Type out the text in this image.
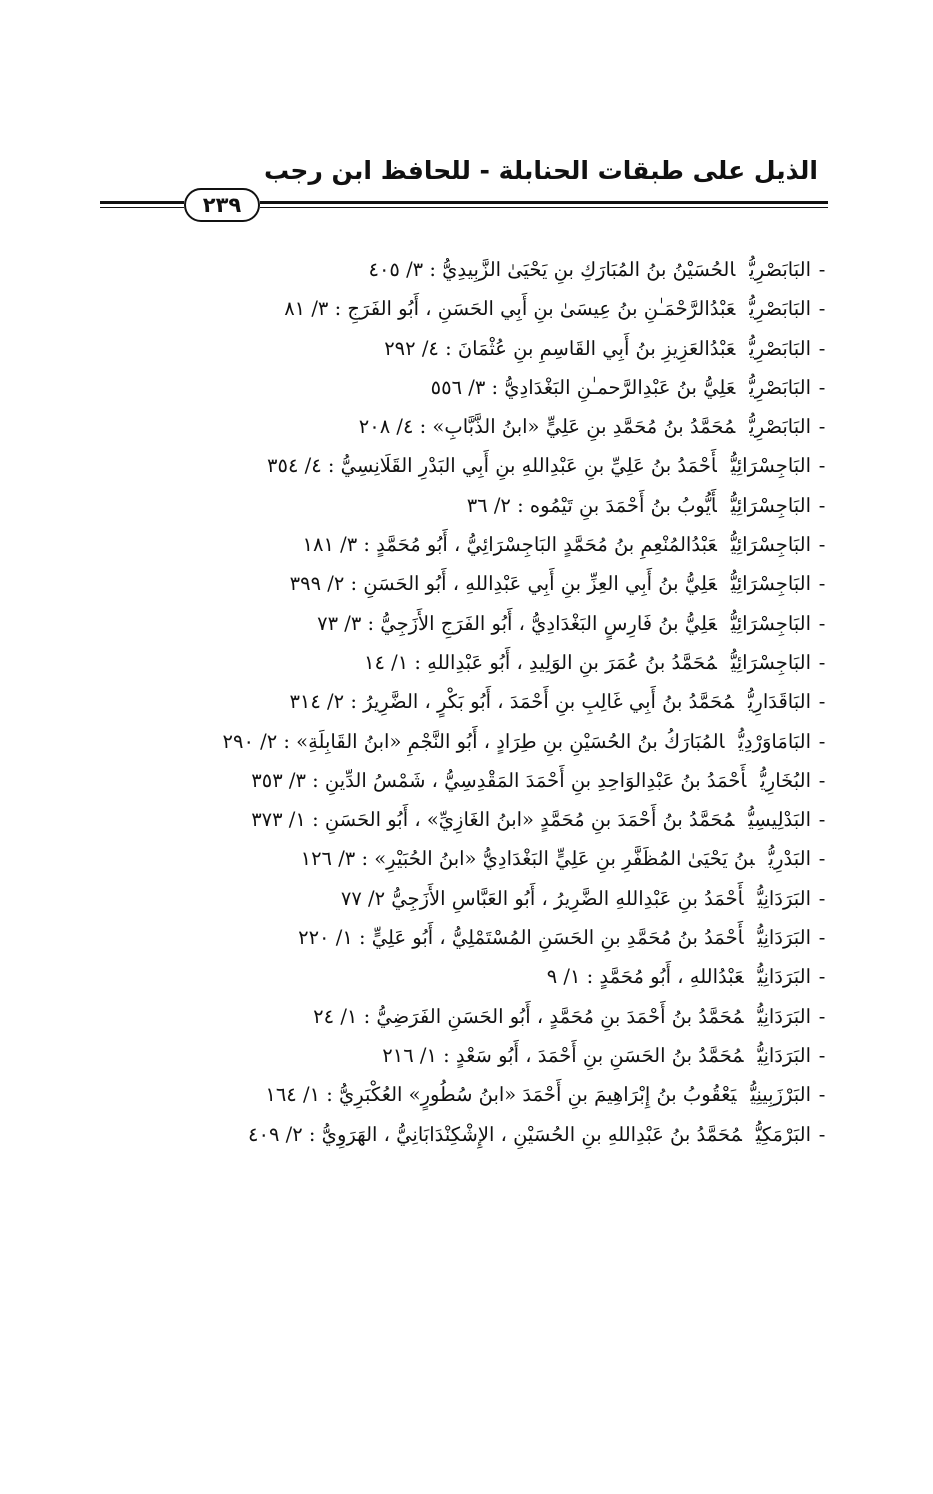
الذيل على طبقات الحنابلة - للحافظ ابن رجب
٢٣٩
-البَابَصْرِيُّالحُسَيْنُ بنُ المُبَارَكِ بنِ يَحْيَىٰ الزَّبِيدِيُّ : ٣/ ٤٠٥
-البَابَصْرِيُّعَبْدُالرَّحْمَـٰنِ بنُ عِيسَىٰ بنِ أَبِي الحَسَنِ ، أَبُو الفَرَجِ : ٣/ ٨١
-البَابَصْرِيُّعَبْدُالعَزِيزِ بنُ أَبِي القَاسِمِ بنِ عُثْمَانَ : ٤/ ٢٩٢
-البَابَصْرِيُّعَلِيُّ بنُ عَبْدِالرَّحمـٰنِ البَغْدَادِيُّ : ٣/ ٥٥٦
-البَابَصْرِيُّمُحَمَّدُ بنُ مُحَمَّدِ بنِ عَلِيٍّ «ابنُ الذَّبَّابِ» : ٤/ ٢٠٨
-البَاجِسْرَائِيُّأَحْمَدُ بنُ عَلِيِّ بنِ عَبْدِاللهِ بنِ أَبِي البَدْرِ القَلَانِسِيُّ : ٤/ ٣٥٤
-البَاجِسْرَائِيُّأَيُّوبُ بنُ أَحْمَدَ بنِ تَيْمُوه : ٢/ ٣٦
-البَاجِسْرَائِيُّعَبْدُالمُنْعِمِ بنُ مُحَمَّدٍ البَاجِسْرَائِيُّ ، أَبُو مُحَمَّدٍ : ٣/ ١٨١
-البَاجِسْرَائِيُّعَلِيُّ بنُ أَبِي العِزِّ بنِ أَبِي عَبْدِاللهِ ، أَبُو الحَسَنِ : ٢/ ٣٩٩
-البَاجِسْرَائِيُّعَلِيُّ بنُ فَارِسٍ البَغْدَادِيُّ ، أَبُو الفَرَجِ الأَزَجِيُّ : ٣/ ٧٣
-البَاجِسْرَائِيُّمُحَمَّدُ بنُ عُمَرَ بنِ الوَلِيدِ ، أَبُو عَبْدِاللهِ : ١/ ١٤
-البَاقَدَارِيُّمُحَمَّدُ بنُ أَبِي غَالِبِ بنِ أَحْمَدَ ، أَبُو بَكْرٍ ، الضَّرِيرُ : ٢/ ٣١٤
-البَامَاوَرْدِيُّالمُبَارَكُ بنُ الحُسَيْنِ بنِ طِرَادٍ ، أَبُو النَّجْمِ «ابنُ القَابِلَةِ» : ٢/ ٢٩٠
-البُخَارِيُّأَحْمَدُ بنُ عَبْدِالوَاحِدِ بنِ أَحْمَدَ المَقْدِسِيُّ ، شَمْسُ الدِّينِ : ٣/ ٣٥٣
-البَدْلِيسِيُّمُحَمَّدُ بنُ أَحْمَدَ بنِ مُحَمَّدٍ «ابنُ الغَازِيِّ» ، أَبُو الحَسَنِ : ١/ ٣٧٣
-البَدْرِيُّبنُ يَحْيَىٰ المُظَفَّرِ بنِ عَلِيٍّ البَغْدَادِيُّ «ابنُ الحُبَيْرِ» : ٣/ ١٢٦
-البَرَدَانِيُّأَحْمَدُ بنِ عَبْدِاللهِ الضَّرِيرُ ، أَبُو العَبَّاسِ الأَزَجِيُّ ٢/ ٧٧
-البَرَدَانِيُّأَحْمَدُ بنُ مُحَمَّدِ بنِ الحَسَنِ المُسْتَمْلِيُّ ، أَبُو عَلِيٍّ : ١/ ٢٢٠
-البَرَدَانِيُّعَبْدُاللهِ ، أَبُو مُحَمَّدٍ : ١/ ٩
-البَرَدَانِيُّمُحَمَّدُ بنُ أَحْمَدَ بنِ مُحَمَّدٍ ، أَبُو الحَسَنِ الفَرَضِيُّ : ١/ ٢٤
-البَرَدَانِيُّمُحَمَّدُ بنُ الحَسَنِ بنِ أَحْمَدَ ، أَبُو سَعْدٍ : ١/ ٢١٦
-البَرْزَبِينِيُّيَعْقُوبُ بنُ إِبْرَاهِيمَ بنِ أَحْمَدَ «ابنُ سُطُورٍ» العُكْبَرِيُّ : ١/ ١٦٤
-البَرْمَكِيُّمُحَمَّدُ بنُ عَبْدِاللهِ بنِ الحُسَيْنِ ، الإِشْكِنْدَابَانِيُّ ، الهَرَوِيُّ : ٢/ ٤٠٩
